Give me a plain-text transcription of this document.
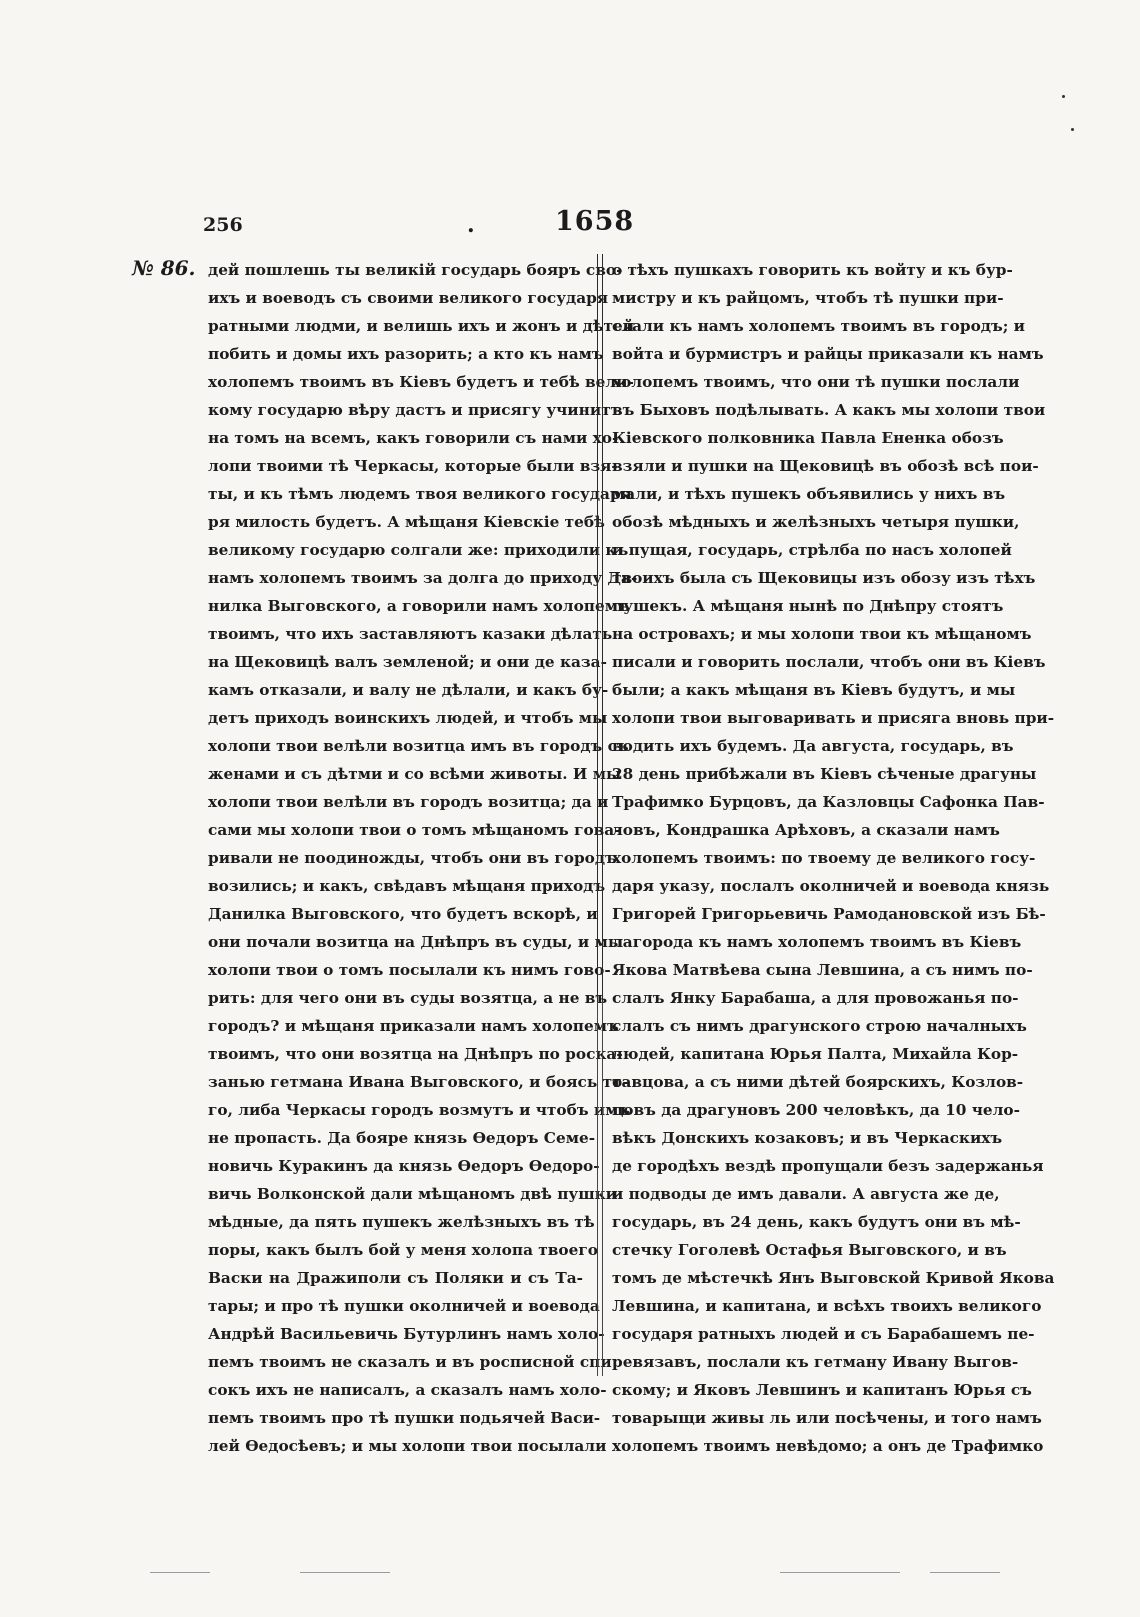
256	.	1658
№ 86. дей пошлешь ты великій государь бояръ сво-
ихъ и воеводъ съ своими великого государя
ратными людми, и велишь ихъ и жонъ и дѣтей
побить и домы ихъ разорить; а кто къ намъ
холопемъ твоимъ въ Кіевъ будетъ и тебѣ вели-
кому государю вѣру дастъ и присягу учинитъ
на томъ на всемъ, какъ говорили съ нами хо-
лопи твоими тѣ Черкасы, которые были взя-
ты, и къ тѣмъ людемъ твоя великого государя
ря милость будетъ. А мѣщаня Кіевскіе тебѣ
великому государю солгали же: приходили къ
намъ холопемъ твоимъ за долга до приходу Да-
нилка Выговского, а говорили намъ холопемъ
твоимъ, что ихъ заставляютъ казаки дѣлать
на Щековицѣ валъ земленой; и они де каза-
камъ отказали, и валу не дѣлали, и какъ бу-
детъ приходъ воинскихъ людей, и чтобъ мы
холопи твои велѣли возитца имъ въ городъ съ
женами и съ дѣтми и со всѣми животы. И мы
холопи твои велѣли въ городъ возитца; да и
сами мы холопи твои о томъ мѣщаномъ гова-
ривали не поодиножды, чтобъ они въ городъ
возились; и какъ, свѣдавъ мѣщаня приходъ
Данилка Выговского, что будетъ вскорѣ, и
они почали возитца на Днѣпръ въ суды, и мы
холопи твои о томъ посылали къ нимъ гово-
рить: для чего они въ суды возятца, а не въ
городъ? и мѣщаня приказали намъ холопемъ
твоимъ, что они возятца на Днѣпръ по роска-
занью гетмана Ивана Выговского, и боясь то-
го, либа Черкасы городъ возмутъ и чтобъ имъ
не пропасть. Да бояре князь Өедоръ Семе-
новичь Куракинъ да князь Өедоръ Өедоро-
вичь Волконской дали мѣщаномъ двѣ пушки
мѣдные, да пять пушекъ желѣзныхъ въ тѣ
поры, какъ былъ бой у меня холопа твоего
Васки на Дражиполи съ Поляки и съ Та-
тары; и про тѣ пушки околничей и воевода
Андрѣй Васильевичь Бутурлинъ намъ холо-
пемъ твоимъ не сказалъ и въ росписной спи
сокъ ихъ не написалъ, а сказалъ намъ холо-
пемъ твоимъ про тѣ пушки подьячей Васи-
лей Өедосѣевъ; и мы холопи твои посылали
о тѣхъ пушкахъ говорить къ войту и къ бур-
мистру и къ райцомъ, чтобъ тѣ пушки при-
слали къ намъ холопемъ твоимъ въ городъ; и
войта и бурмистръ и райцы приказали къ намъ
холопемъ твоимъ, что они тѣ пушки послали
въ Быховъ подѣлывать. А какъ мы холопи твои
Кіевского полковника Павла Ененка обозъ
взяли и пушки на Щековицѣ въ обозѣ всѣ пои-
мали, и тѣхъ пушекъ объявились у нихъ въ
обозѣ мѣдныхъ и желѣзныхъ четыря пушки,
и пущая, государь, стрѣлба по насъ холопей
твоихъ была съ Щековицы изъ обозу изъ тѣхъ
пушекъ. А мѣщаня нынѣ по Днѣпру стоятъ
на островахъ; и мы холопи твои къ мѣщаномъ
писали и говорить послали, чтобъ они въ Кіевъ
были; а какъ мѣщаня въ Кіевъ будутъ, и мы
холопи твои выговаривать и присяга вновь при-
водить ихъ будемъ. Да августа, государь, въ
28 день прибѣжали въ Кіевъ сѣченые драгуны
Трафимко Бурцовъ, да Казловцы Сафонка Пав-
ловъ, Кондрашка Арѣховъ, а сказали намъ
холопемъ твоимъ: по твоему де великого госу-
даря указу, послалъ околничей и воевода князь
Григорей Григорьевичь Рамодановской изъ Бѣ-
лагорода къ намъ холопемъ твоимъ въ Кіевъ
Якова Матвѣева сына Левшина, а съ нимъ по-
слалъ Янку Барабаша, а для провожанья по-
слалъ съ нимъ драгунского строю началныхъ
людей, капитана Юрья Палта, Михайла Кор-
тавцова, а съ ними дѣтей боярскихъ, Козлов-
цовъ да драгуновъ 200 человѣкъ, да 10 чело-
вѣкъ Донскихъ козаковъ; и въ Черкаскихъ
де городѣхъ вездѣ пропущали безъ задержанья
и подводы де имъ давали. А августа же де,
государь, въ 24 день, какъ будутъ они въ мѣ-
стечку Гоголевѣ Остафья Выговского, и въ
томъ де мѣстечкѣ Янъ Выговской Кривой Якова
Левшина, и капитана, и всѣхъ твоихъ великого
государя ратныхъ людей и съ Барабашемъ пе-
ревязавъ, послали къ гетману Ивану Выгов-
скому; и Яковъ Левшинъ и капитанъ Юрья съ
товарыщи живы ль или посѣчены, и того намъ
холопемъ твоимъ невѣдомо; а онъ де Трафимко
